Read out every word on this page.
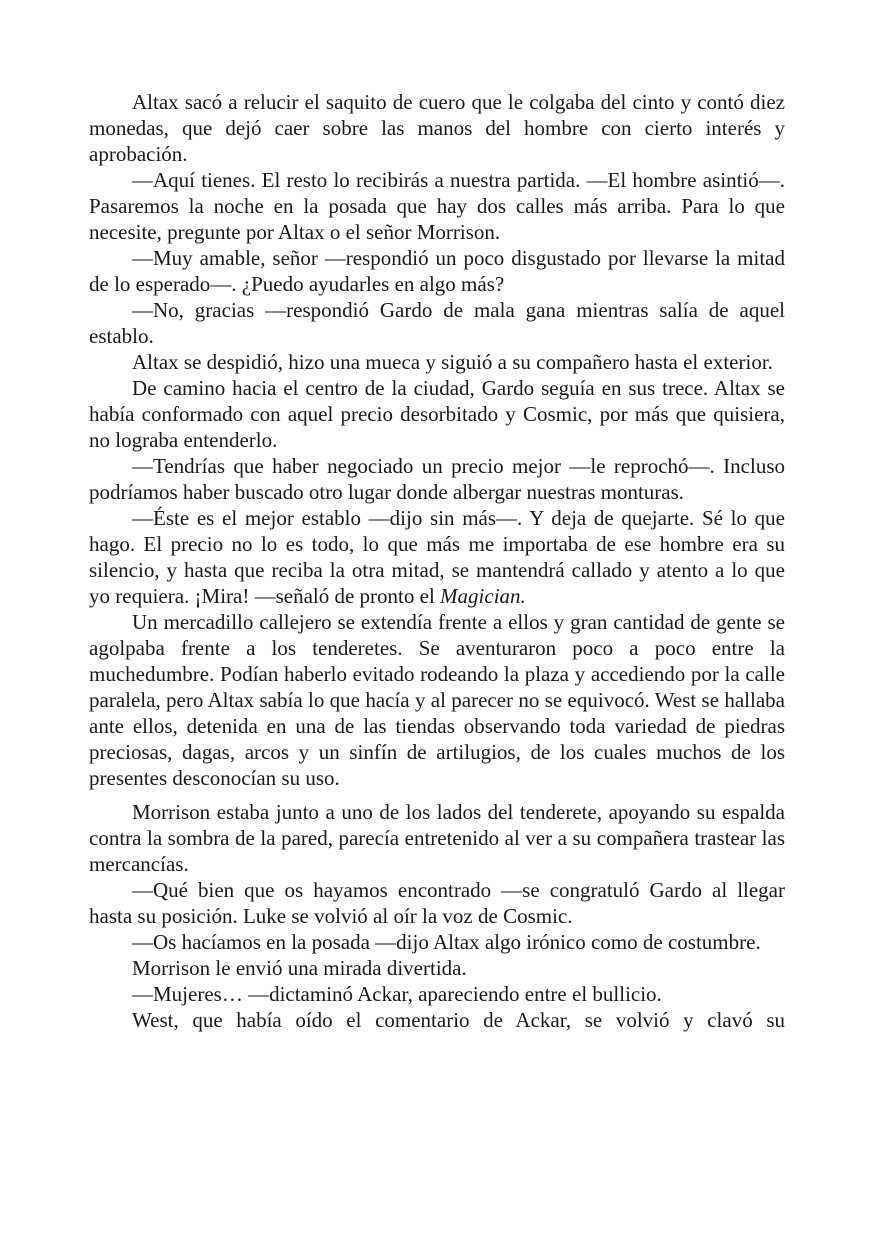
Altax sacó a relucir el saquito de cuero que le colgaba del cinto y contó diez monedas, que dejó caer sobre las manos del hombre con cierto interés y aprobación.

—Aquí tienes. El resto lo recibirás a nuestra partida. —El hombre asintió—. Pasaremos la noche en la posada que hay dos calles más arriba. Para lo que necesite, pregunte por Altax o el señor Morrison.

—Muy amable, señor —respondió un poco disgustado por llevarse la mitad de lo esperado—. ¿Puedo ayudarles en algo más?

—No, gracias —respondió Gardo de mala gana mientras salía de aquel establo.

Altax se despidió, hizo una mueca y siguió a su compañero hasta el exterior.

De camino hacia el centro de la ciudad, Gardo seguía en sus trece. Altax se había conformado con aquel precio desorbitado y Cosmic, por más que quisiera, no lograba entenderlo.

—Tendrías que haber negociado un precio mejor —le reprochó—. Incluso podríamos haber buscado otro lugar donde albergar nuestras monturas.

—Éste es el mejor establo —dijo sin más—. Y deja de quejarte. Sé lo que hago. El precio no lo es todo, lo que más me importaba de ese hombre era su silencio, y hasta que reciba la otra mitad, se mantendrá callado y atento a lo que yo requiera. ¡Mira! —señaló de pronto el Magician.

Un mercadillo callejero se extendía frente a ellos y gran cantidad de gente se agolpaba frente a los tenderetes. Se aventuraron poco a poco entre la muchedumbre. Podían haberlo evitado rodeando la plaza y accediendo por la calle paralela, pero Altax sabía lo que hacía y al parecer no se equivocó. West se hallaba ante ellos, detenida en una de las tiendas observando toda variedad de piedras preciosas, dagas, arcos y un sinfín de artilugios, de los cuales muchos de los presentes desconocían su uso.

Morrison estaba junto a uno de los lados del tenderete, apoyando su espalda contra la sombra de la pared, parecía entretenido al ver a su compañera trastear las mercancías.

—Qué bien que os hayamos encontrado —se congratuló Gardo al llegar hasta su posición. Luke se volvió al oír la voz de Cosmic.

—Os hacíamos en la posada —dijo Altax algo irónico como de costumbre.

Morrison le envió una mirada divertida.

—Mujeres… —dictaminó Ackar, apareciendo entre el bullicio.

West, que había oído el comentario de Ackar, se volvió y clavó su
